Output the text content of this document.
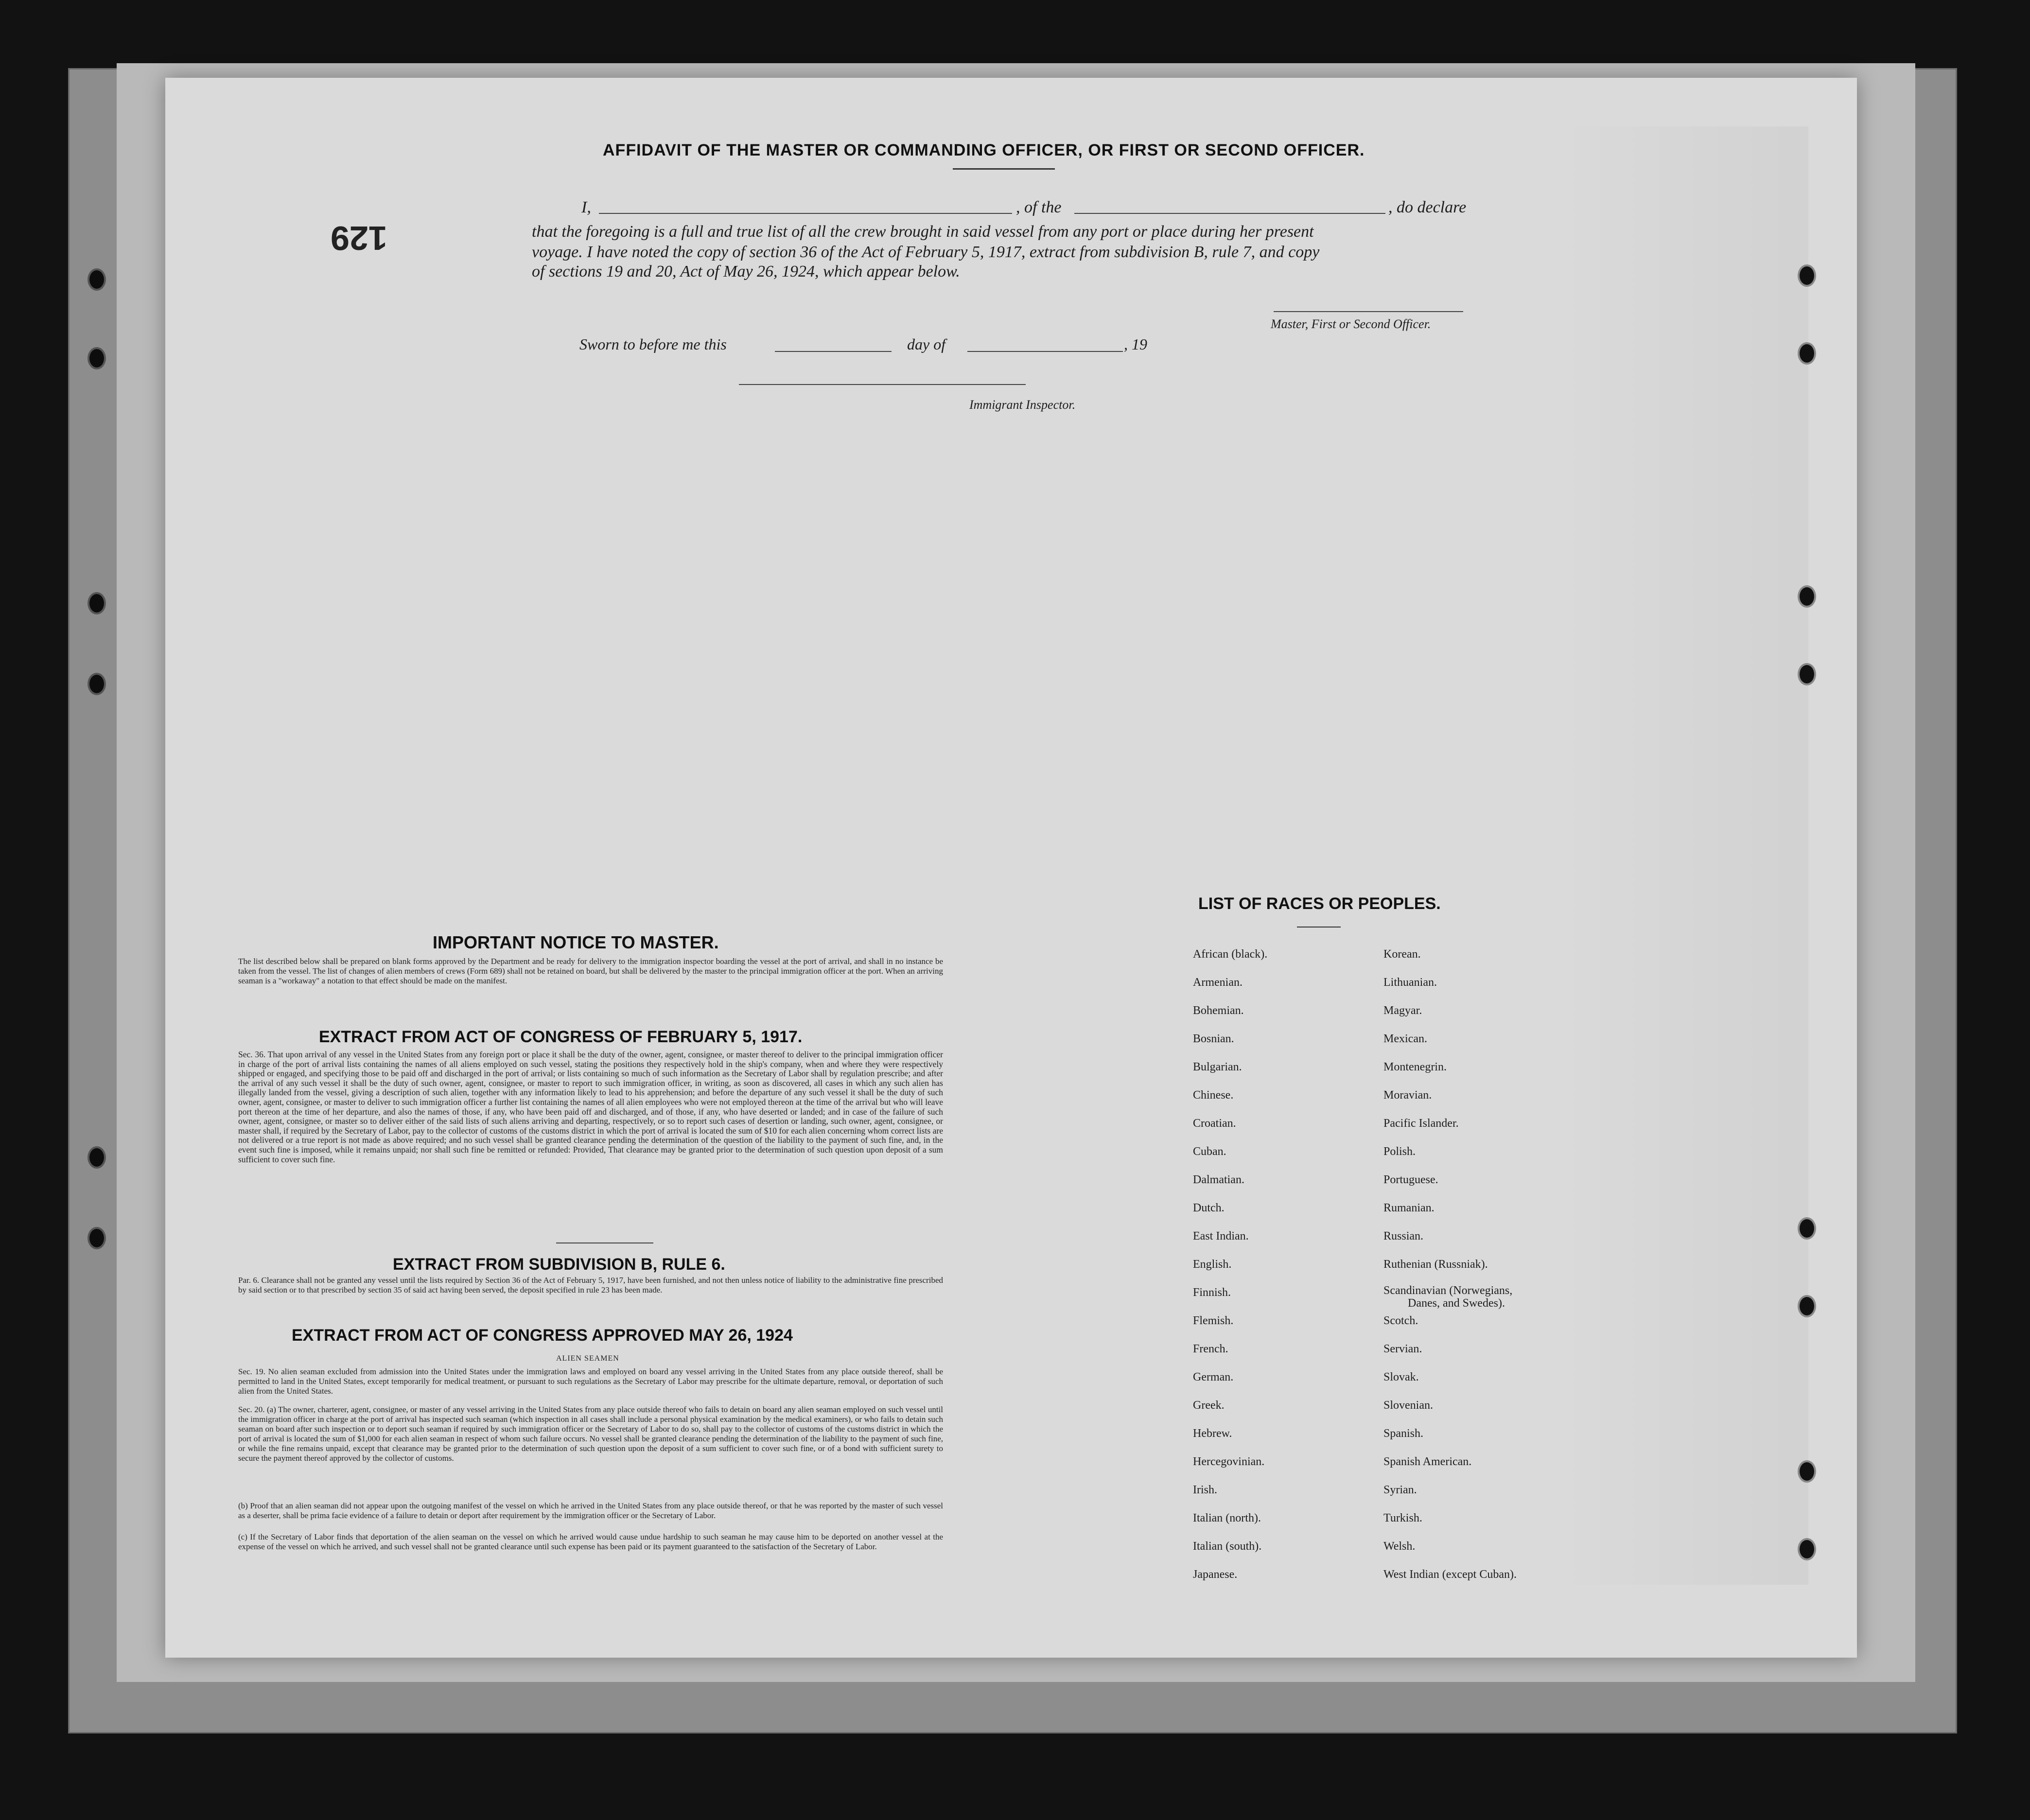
129
AFFIDAVIT OF THE MASTER OR COMMANDING OFFICER, OR FIRST OR SECOND OFFICER.
I,	, of the	, do declare
that the foregoing is a full and true list of all the crew brought in said vessel from any port or place during her present
voyage. I have noted the copy of section 36 of the Act of February 5, 1917, extract from subdivision B, rule 7, and copy
of sections 19 and 20, Act of May 26, 1924, which appear below.
Master, First or Second Officer.
Sworn to before me this	day of	, 19
Immigrant Inspector.
IMPORTANT NOTICE TO MASTER.
The list described below shall be prepared on blank forms approved by the Department and be ready for delivery to the immigration inspector boarding the vessel at the port of arrival, and shall in no instance be taken from the vessel. The list of changes of alien members of crews (Form 689) shall not be retained on board, but shall be delivered by the master to the principal immigration officer at the port. When an arriving seaman is a "workaway" a notation to that effect should be made on the manifest.
EXTRACT FROM ACT OF CONGRESS OF FEBRUARY 5, 1917.
Sec. 36. That upon arrival of any vessel in the United States from any foreign port or place it shall be the duty of the owner, agent, consignee, or master thereof to deliver to the principal immigration officer in charge of the port of arrival lists containing the names of all aliens employed on such vessel, stating the positions they respectively hold in the ship's company, when and where they were respectively shipped or engaged, and specifying those to be paid off and discharged in the port of arrival; or lists containing so much of such information as the Secretary of Labor shall by regulation prescribe; and after the arrival of any such vessel it shall be the duty of such owner, agent, consignee, or master to report to such immigration officer, in writing, as soon as discovered, all cases in which any such alien has illegally landed from the vessel, giving a description of such alien, together with any information likely to lead to his apprehension; and before the departure of any such vessel it shall be the duty of such owner, agent, consignee, or master to deliver to such immigration officer a further list containing the names of all alien employees who were not employed thereon at the time of the arrival but who will leave port thereon at the time of her departure, and also the names of those, if any, who have been paid off and discharged, and of those, if any, who have deserted or landed; and in case of the failure of such owner, agent, consignee, or master so to deliver either of the said lists of such aliens arriving and departing, respectively, or so to report such cases of desertion or landing, such owner, agent, consignee, or master shall, if required by the Secretary of Labor, pay to the collector of customs of the customs district in which the port of arrival is located the sum of $10 for each alien concerning whom correct lists are not delivered or a true report is not made as above required; and no such vessel shall be granted clearance pending the determination of the question of the liability to the payment of such fine, and, in the event such fine is imposed, while it remains unpaid; nor shall such fine be remitted or refunded: Provided, That clearance may be granted prior to the determination of such question upon deposit of a sum sufficient to cover such fine.
EXTRACT FROM SUBDIVISION B, RULE 6.
Par. 6. Clearance shall not be granted any vessel until the lists required by Section 36 of the Act of February 5, 1917, have been furnished, and not then unless notice of liability to the administrative fine prescribed by said section or to that prescribed by section 35 of said act having been served, the deposit specified in rule 23 has been made.
EXTRACT FROM ACT OF CONGRESS APPROVED MAY 26, 1924
ALIEN SEAMEN
Sec. 19. No alien seaman excluded from admission into the United States under the immigration laws and employed on board any vessel arriving in the United States from any place outside thereof, shall be permitted to land in the United States, except temporarily for medical treatment, or pursuant to such regulations as the Secretary of Labor may prescribe for the ultimate departure, removal, or deportation of such alien from the United States.
Sec. 20. (a) The owner, charterer, agent, consignee, or master of any vessel arriving in the United States from any place outside thereof who fails to detain on board any alien seaman employed on such vessel until the immigration officer in charge at the port of arrival has inspected such seaman (which inspection in all cases shall include a personal physical examination by the medical examiners), or who fails to detain such seaman on board after such inspection or to deport such seaman if required by such immigration officer or the Secretary of Labor to do so, shall pay to the collector of customs of the customs district in which the port of arrival is located the sum of $1,000 for each alien seaman in respect of whom such failure occurs. No vessel shall be granted clearance pending the determination of the liability to the payment of such fine, or while the fine remains unpaid, except that clearance may be granted prior to the determination of such question upon the deposit of a sum sufficient to cover such fine, or of a bond with sufficient surety to secure the payment thereof approved by the collector of customs.
(b) Proof that an alien seaman did not appear upon the outgoing manifest of the vessel on which he arrived in the United States from any place outside thereof, or that he was reported by the master of such vessel as a deserter, shall be prima facie evidence of a failure to detain or deport after requirement by the immigration officer or the Secretary of Labor.
(c) If the Secretary of Labor finds that deportation of the alien seaman on the vessel on which he arrived would cause undue hardship to such seaman he may cause him to be deported on another vessel at the expense of the vessel on which he arrived, and such vessel shall not be granted clearance until such expense has been paid or its payment guaranteed to the satisfaction of the Secretary of Labor.
LIST OF RACES OR PEOPLES.
African (black).
Armenian.
Bohemian.
Bosnian.
Bulgarian.
Chinese.
Croatian.
Cuban.
Dalmatian.
Dutch.
East Indian.
English.
Finnish.
Flemish.
French.
German.
Greek.
Hebrew.
Hercegovinian.
Irish.
Italian (north).
Italian (south).
Japanese.
Korean.
Lithuanian.
Magyar.
Mexican.
Montenegrin.
Moravian.
Pacific Islander.
Polish.
Portuguese.
Rumanian.
Russian.
Ruthenian (Russniak).
Scandinavian (Norwegians,
Danes, and Swedes).
Scotch.
Servian.
Slovak.
Slovenian.
Spanish.
Spanish American.
Syrian.
Turkish.
Welsh.
West Indian (except Cuban).
